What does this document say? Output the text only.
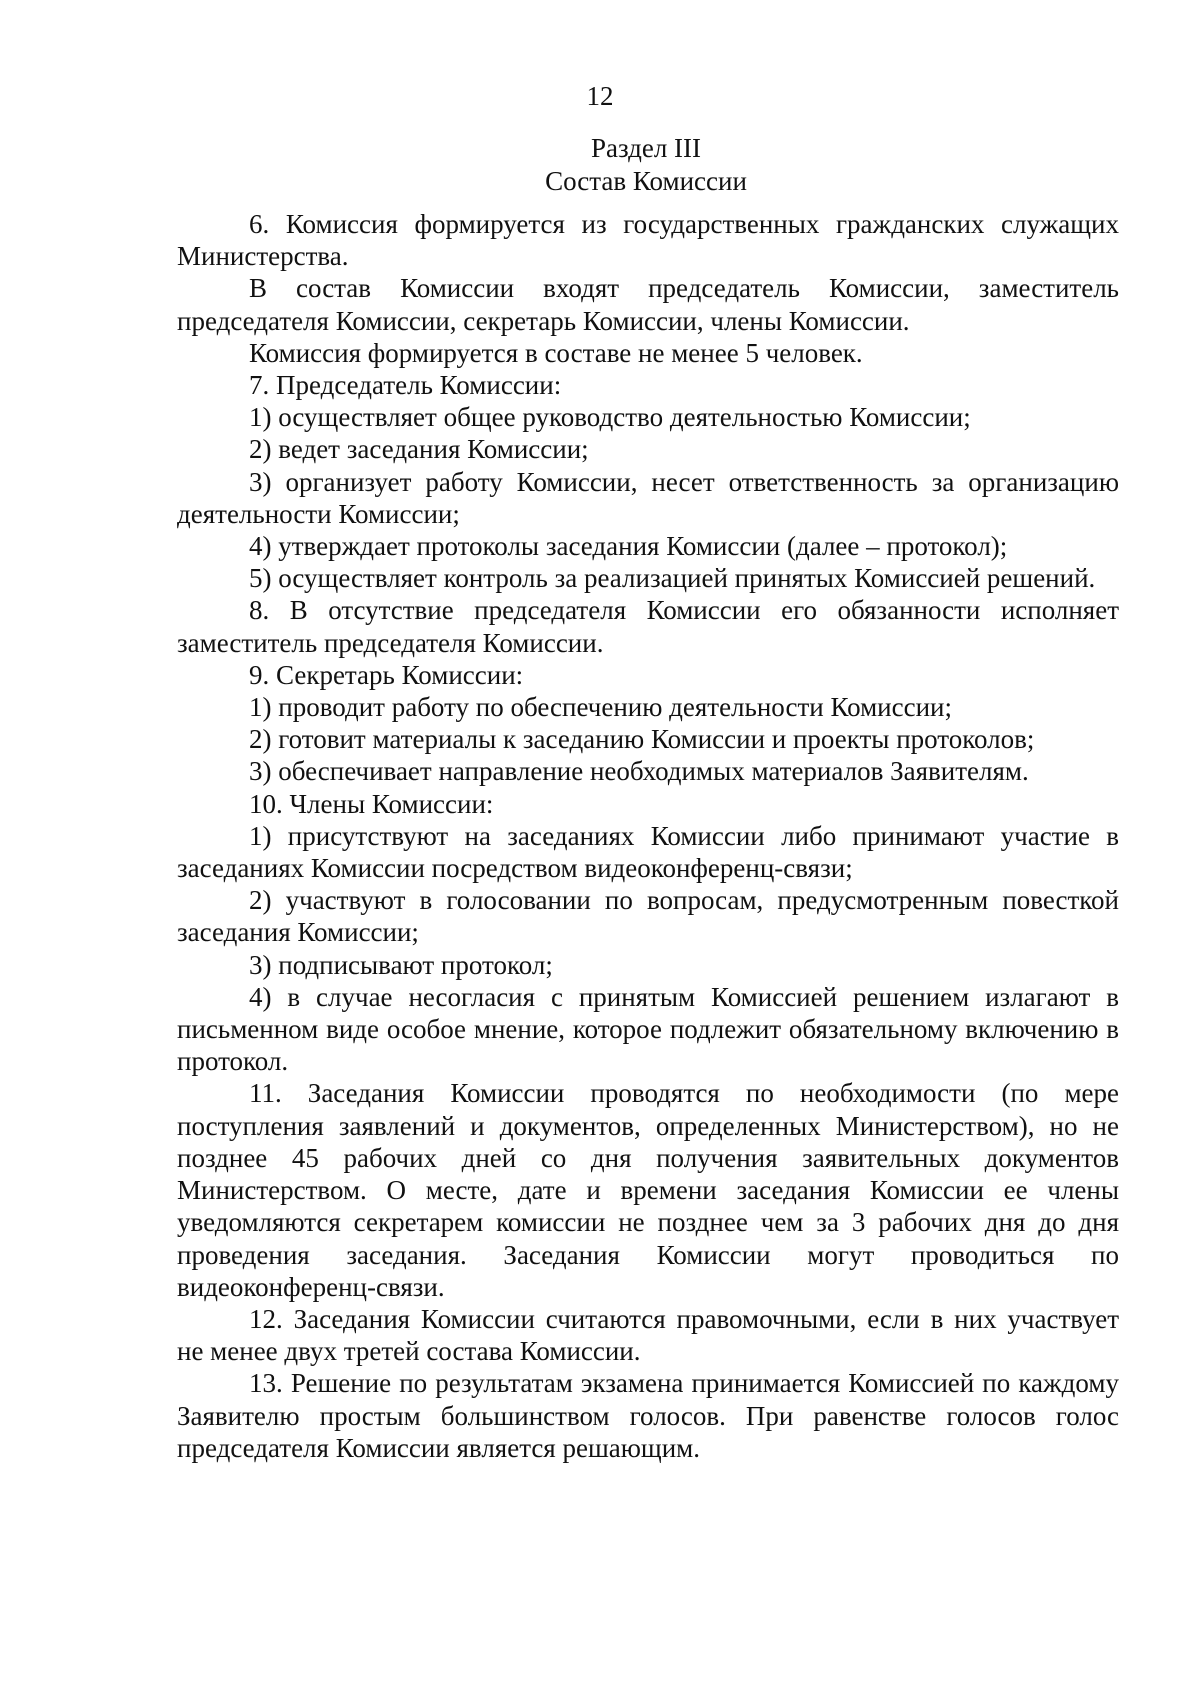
12
Раздел III
Состав Комиссии

6. Комиссия формируется из государственных гражданских служащих Министерства.

В состав Комиссии входят председатель Комиссии, заместитель председателя Комиссии, секретарь Комиссии, члены Комиссии.

Комиссия формируется в составе не менее 5 человек.

7. Председатель Комиссии:

1) осуществляет общее руководство деятельностью Комиссии;

2) ведет заседания Комиссии;

3) организует работу Комиссии, несет ответственность за организацию деятельности Комиссии;

4) утверждает протоколы заседания Комиссии (далее – протокол);

5) осуществляет контроль за реализацией принятых Комиссией решений.

8. В отсутствие председателя Комиссии его обязанности исполняет заместитель председателя Комиссии.

9. Секретарь Комиссии:

1) проводит работу по обеспечению деятельности Комиссии;

2) готовит материалы к заседанию Комиссии и проекты протоколов;

3) обеспечивает направление необходимых материалов Заявителям.

10. Члены Комиссии:

1) присутствуют на заседаниях Комиссии либо принимают участие в заседаниях Комиссии посредством видеоконференц-связи;

2) участвуют в голосовании по вопросам, предусмотренным повесткой заседания Комиссии;

3) подписывают протокол;

4) в случае несогласия с принятым Комиссией решением излагают в письменном виде особое мнение, которое подлежит обязательному включению в протокол.

11. Заседания Комиссии проводятся по необходимости (по мере поступления заявлений и документов, определенных Министерством), но не позднее 45 рабочих дней со дня получения заявительных документов Министерством. О месте, дате и времени заседания Комиссии ее члены уведомляются секретарем комиссии не позднее чем за 3 рабочих дня до дня проведения заседания. Заседания Комиссии могут проводиться по видеоконференц-связи.

12. Заседания Комиссии считаются правомочными, если в них участвует не менее двух третей состава Комиссии.

13. Решение по результатам экзамена принимается Комиссией по каждому Заявителю простым большинством голосов. При равенстве голосов голос председателя Комиссии является решающим.
